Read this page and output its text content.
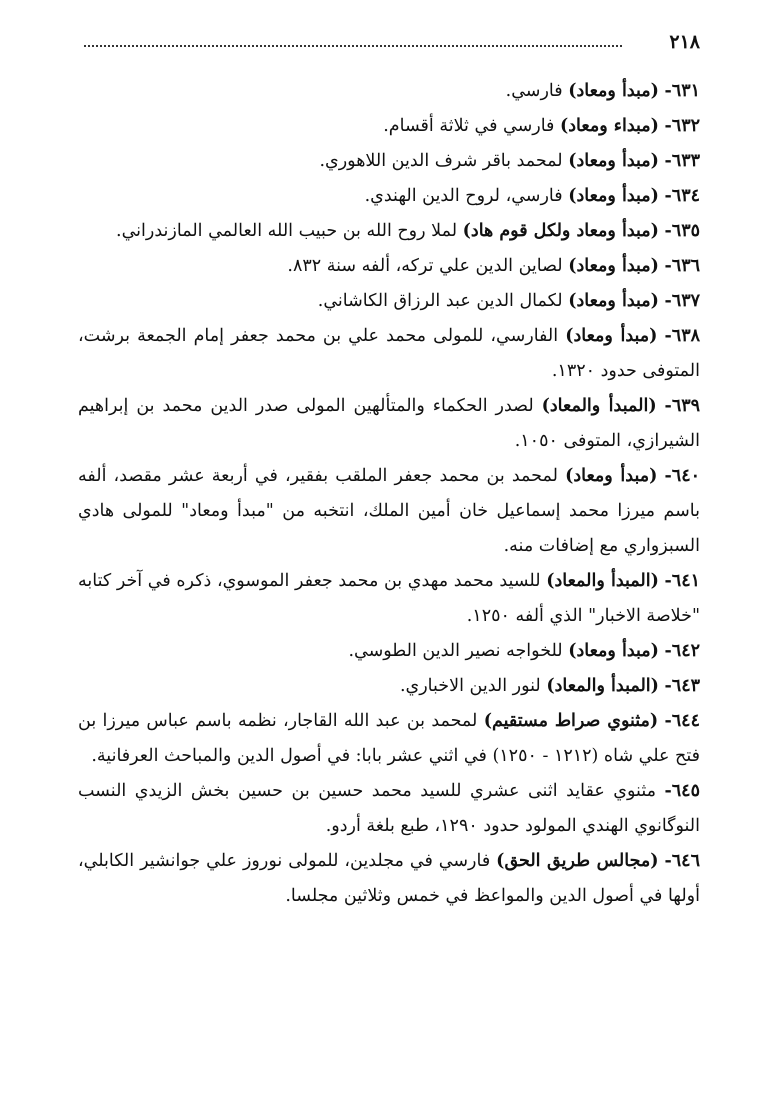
٢١٨

٦٣١- ( مبدأ ومعاد ) فارسي.

٦٣٢- ( مبداء ومعاد ) فارسي في ثلاثة أقسام.

٦٣٣- ( مبدأ ومعاد ) لمحمد باقر شرف الدين اللاهوري.

٦٣٤- ( مبدأ ومعاد ) فارسي، لروح الدين الهندي.

٦٣٥- ( مبدأ ومعاد ولكل قوم هاد ) لملا روح الله بن حبيب الله العالمي المازندراني.

٦٣٦- ( مبدأ ومعاد ) لصاين الدين علي تركه، ألفه سنة ٨٣٢.

٦٣٧- ( مبدأ ومعاد ) لكمال الدين عبد الرزاق الكاشاني.

٦٣٨- ( مبدأ ومعاد ) الفارسي، للمولى محمد علي بن محمد جعفر إمام الجمعة برشت، المتوفى حدود ١٣٢٠.

٦٣٩- ( المبدأ والمعاد ) لصدر الحكماء والمتألهين المولى صدر الدين محمد بن إبراهيم الشيرازي، المتوفى ١٠٥٠.

٦٤٠- ( مبدأ ومعاد ) لمحمد بن محمد جعفر الملقب بفقير، في أربعة عشر مقصد، ألفه باسم ميرزا محمد إسماعيل خان أمين الملك، انتخبه من "مبدأ ومعاد" للمولى هادي السبزواري مع إضافات منه.

٦٤١- ( المبدأ والمعاد ) للسيد محمد مهدي بن محمد جعفر الموسوي، ذكره في آخر كتابه "خلاصة الاخبار" الذي ألفه ١٢٥٠.

٦٤٢- ( مبدأ ومعاد ) للخواجه نصير الدين الطوسي.

٦٤٣- ( المبدأ والمعاد ) لنور الدين الاخباري.

٦٤٤- ( مثنوي صراط مستقيم ) لمحمد بن عبد الله القاجار، نظمه باسم عباس ميرزا بن فتح علي شاه (١٢١٢ - ١٢٥٠) في اثني عشر بابا: في أصول الدين والمباحث العرفانية.

٦٤٥- مثنوي عقايد اثنى عشري للسيد محمد حسين بن حسين بخش الزيدي النسب النوگانوي الهندي المولود حدود ١٢٩٠، طبع بلغة أردو.

٦٤٦- ( مجالس طريق الحق ) فارسي في مجلدين، للمولى نوروز علي جوانشير الكابلي، أولها في أصول الدين والمواعظ في خمس وثلاثين مجلسا.
